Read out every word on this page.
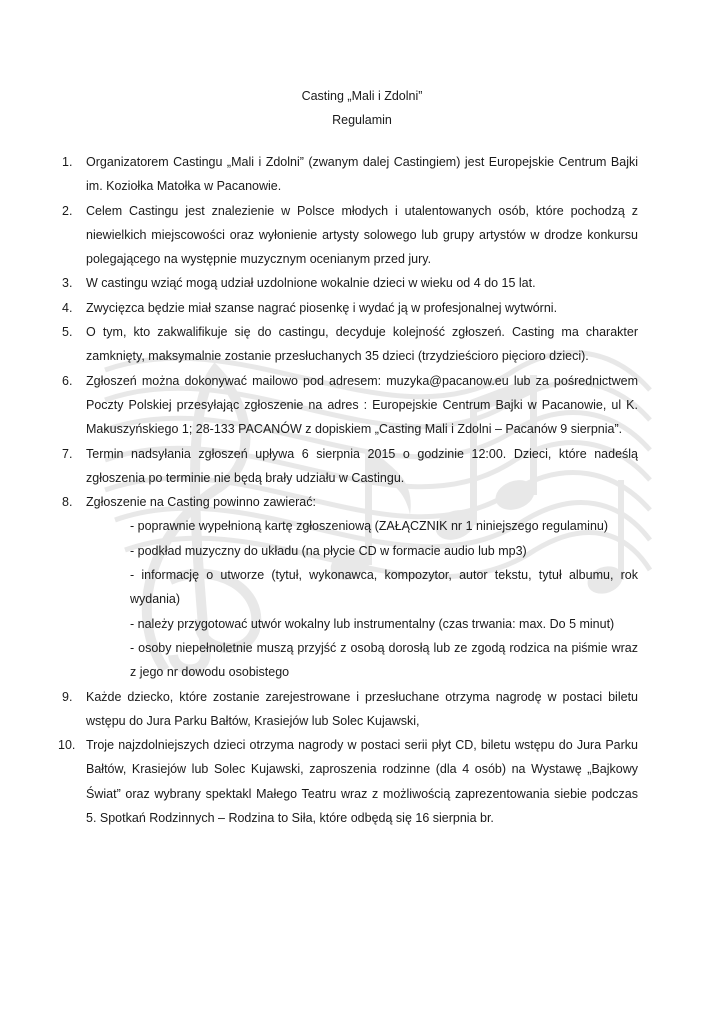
Casting „Mali i Zdolni”
Regulamin
1.	Organizatorem Castingu „Mali i Zdolni” (zwanym dalej Castingiem) jest Europejskie Centrum Bajki im. Koziołka Matołka w Pacanowie.
2.	Celem Castingu jest znalezienie w Polsce młodych i utalentowanych osób, które pochodzą z niewielkich miejscowości oraz wyłonienie artysty solowego lub grupy artystów w drodze konkursu polegającego na występnie muzycznym ocenianym przed jury.
3.	W castingu wziąć mogą udział uzdolnione wokalnie dzieci w wieku od 4 do 15 lat.
4.	Zwycięzca będzie miał szanse nagrać piosenkę i wydać ją w profesjonalnej wytwórni.
5.	O tym, kto zakwalifikuje się do castingu, decyduje kolejność zgłoszeń. Casting ma charakter zamknięty, maksymalnie zostanie przesłuchanych 35 dzieci (trzydzieścioro pięcioro dzieci).
6.	Zgłoszeń można dokonywać mailowo pod adresem: muzyka@pacanow.eu lub za pośrednictwem Poczty Polskiej przesyłając zgłoszenie na adres : Europejskie Centrum Bajki w Pacanowie, ul K. Makuszyńskiego 1; 28-133 PACANÓW z dopiskiem „Casting Mali i Zdolni – Pacanów 9 sierpnia”.
7.	Termin nadsyłania zgłoszeń upływa 6 sierpnia 2015 o godzinie 12:00. Dzieci, które nadeślą zgłoszenia po terminie nie będą brały udziału w Castingu.
8.	Zgłoszenie na Casting powinno zawierać:
- poprawnie wypełnioną kartę zgłoszeniową (ZAŁĄCZNIK nr 1 niniejszego regulaminu)
- podkład muzyczny do układu (na płycie CD w formacie audio lub mp3)
- informację o utworze (tytuł, wykonawca, kompozytor, autor tekstu, tytuł albumu, rok wydania)
- należy przygotować utwór wokalny lub instrumentalny (czas trwania: max. Do 5 minut)
- osoby niepełnoletnie muszą przyjść z osobą dorosłą lub ze zgodą rodzica na piśmie wraz z jego nr dowodu osobistego
9.	Każde dziecko, które zostanie zarejestrowane i przesłuchane otrzyma nagrodę w postaci biletu wstępu do Jura Parku Bałtów, Krasiejów lub Solec Kujawski,
10. Troje najzdolniejszych dzieci otrzyma nagrody w postaci serii płyt CD, biletu wstępu do Jura Parku Bałtów, Krasiejów lub Solec Kujawski, zaproszenia rodzinne (dla 4 osób) na Wystawę „Bajkowy Świat” oraz wybrany spektakl Małego Teatru wraz z możliwością zaprezentowania siebie podczas 5. Spotkań Rodzinnych – Rodzina to Siła, które odbędą się 16 sierpnia br.
